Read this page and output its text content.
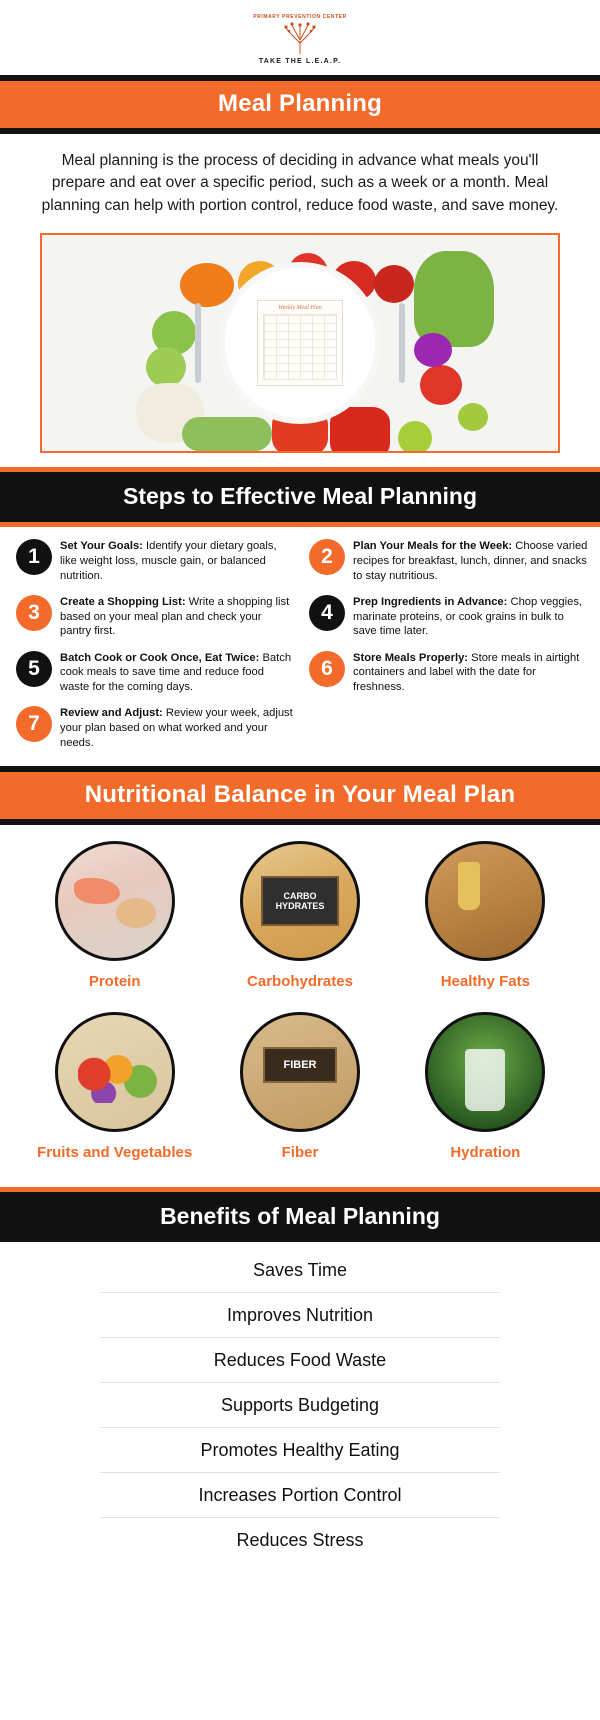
PRIMARY PREVENTION CENTER
TAKE THE L.E.A.P.
Meal Planning
Meal planning is the process of deciding in advance what meals you'll prepare and eat over a specific period, such as a week or a month. Meal planning can help with portion control, reduce food waste, and save money.
Weekly Meal Plan
Steps to Effective Meal Planning
1	Set Your Goals: Identify your dietary goals, like weight loss, muscle gain, or balanced nutrition.
2	Plan Your Meals for the Week: Choose varied recipes for breakfast, lunch, dinner, and snacks to stay nutritious.
3	Create a Shopping List: Write a shopping list based on your meal plan and check your pantry first.
4	Prep Ingredients in Advance: Chop veggies, marinate proteins, or cook grains in bulk to save time later.
5	Batch Cook or Cook Once, Eat Twice: Batch cook meals to save time and reduce food waste for the coming days.
6	Store Meals Properly: Store meals in airtight containers and label with the date for freshness.
7	Review and Adjust: Review your week, adjust your plan based on what worked and your needs.
Nutritional Balance in Your Meal Plan
Protein
CARBO HYDRATES	Carbohydrates	Healthy Fats
Fruits and Vegetables
FIBER	Fiber	Hydration
Benefits of Meal Planning
Saves Time
Improves Nutrition
Reduces Food Waste
Supports Budgeting
Promotes Healthy Eating
Increases Portion Control
Reduces Stress
